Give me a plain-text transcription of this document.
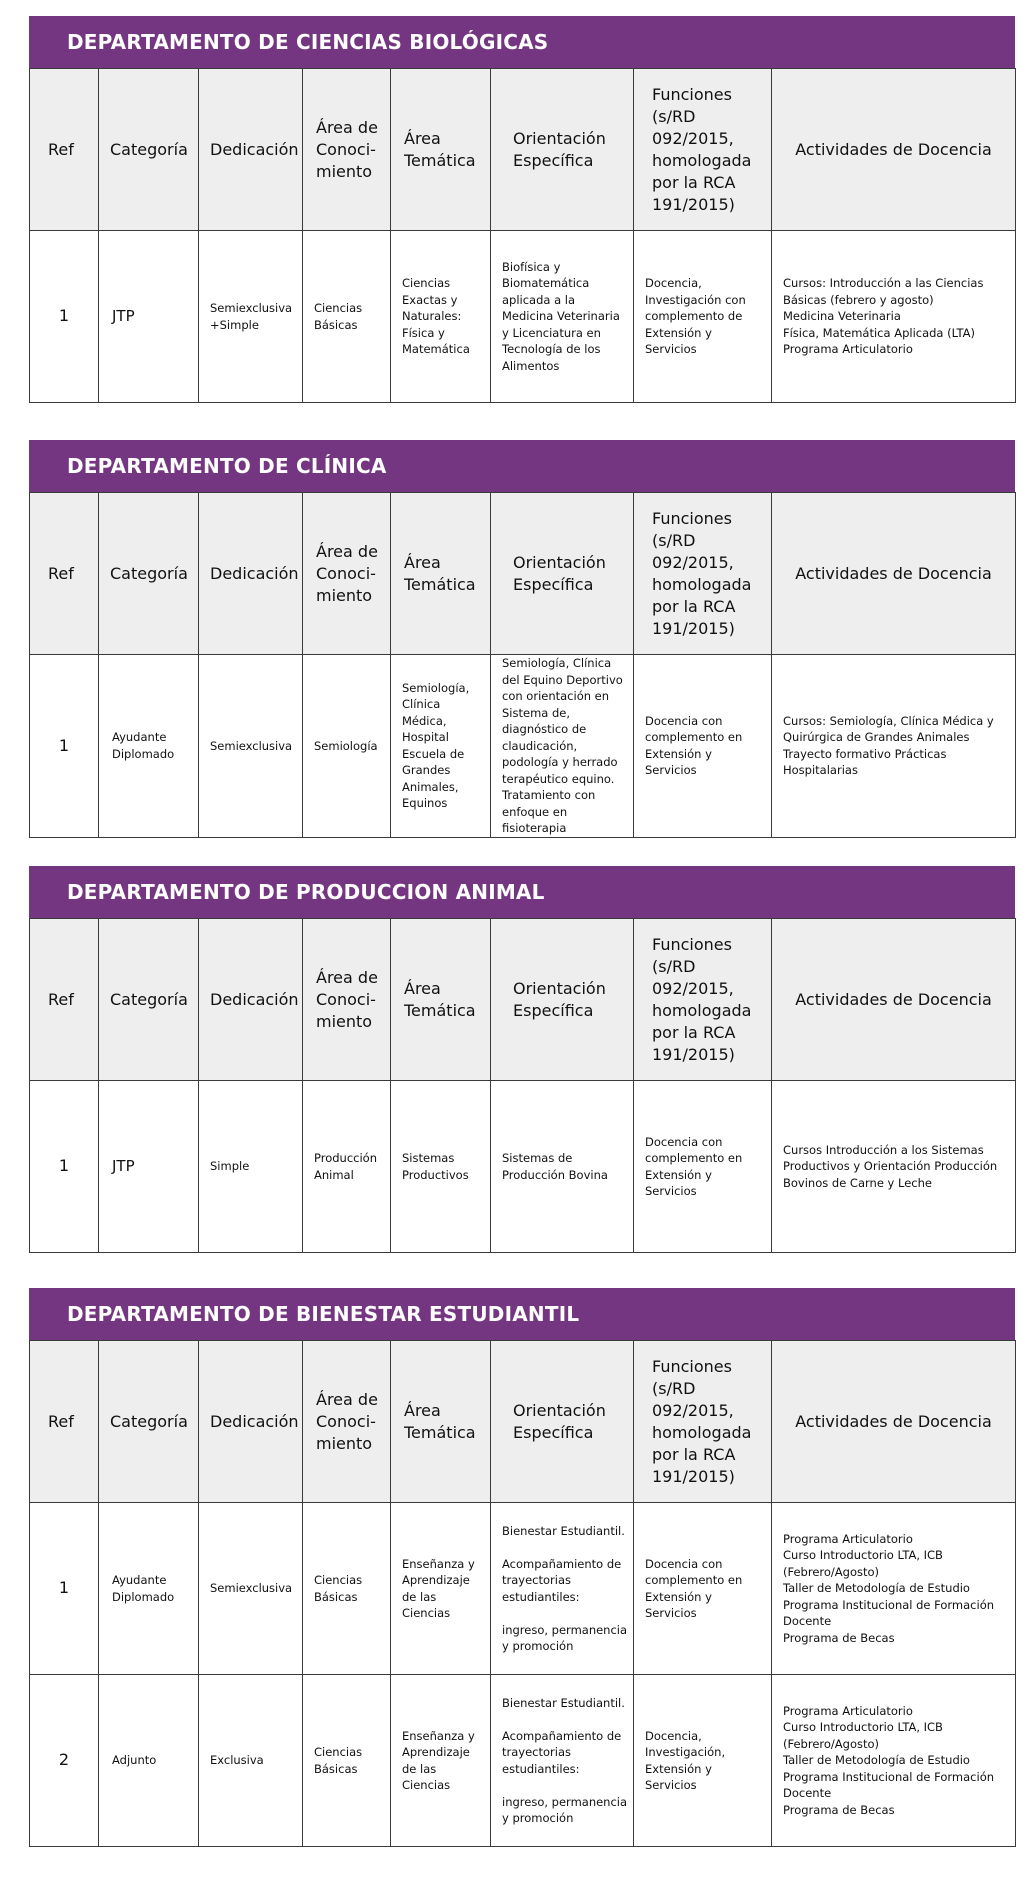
DEPARTAMENTO DE CIENCIAS BIOLÓGICAS
Ref	Categoría	Dedicación	Área de Conoci- miento	Área Temática	Orientación Específica	Funciones (s/RD 092/2015, homologada por la RCA 191/2015)	Actividades de Docencia
1	JTP	Semiexclusiva +Simple	Ciencias Básicas	Ciencias Exactas y Naturales: Física y Matemática	Biofísica y Biomatemática aplicada a la Medicina Veterinaria y Licenciatura en Tecnología de los Alimentos	Docencia, Investigación con complemento de Extensión y Servicios	Cursos: Introducción a las Ciencias Básicas (febrero y agosto)
Medicina Veterinaria
Física, Matemática Aplicada (LTA)
Programa Articulatorio
DEPARTAMENTO DE CLÍNICA
Ref	Categoría	Dedicación	Área de Conoci- miento	Área Temática	Orientación Específica	Funciones (s/RD 092/2015, homologada por la RCA 191/2015)	Actividades de Docencia
1	Ayudante Diplomado	Semiexclusiva	Semiología	Semiología, Clínica Médica, Hospital Escuela de Grandes Animales, Equinos	Semiología, Clínica del Equino Deportivo con orientación en Sistema de, diagnóstico de claudicación, podología y herrado terapéutico equino. Tratamiento con enfoque en fisioterapia	Docencia con complemento en Extensión y Servicios	Cursos: Semiología, Clínica Médica y Quirúrgica de Grandes Animales
Trayecto formativo Prácticas Hospitalarias
DEPARTAMENTO DE PRODUCCION ANIMAL
Ref	Categoría	Dedicación	Área de Conoci- miento	Área Temática	Orientación Específica	Funciones (s/RD 092/2015, homologada por la RCA 191/2015)	Actividades de Docencia
1	JTP	Simple	Producción Animal	Sistemas Productivos	Sistemas de Producción Bovina	Docencia con complemento en Extensión y Servicios	Cursos Introducción a los Sistemas Productivos y Orientación Producción Bovinos de Carne y Leche
DEPARTAMENTO DE BIENESTAR ESTUDIANTIL
Ref	Categoría	Dedicación	Área de Conoci- miento	Área Temática	Orientación Específica	Funciones (s/RD 092/2015, homologada por la RCA 191/2015)	Actividades de Docencia
1	Ayudante Diplomado	Semiexclusiva	Ciencias Básicas	Enseñanza y Aprendizaje de las Ciencias	Bienestar Estudiantil.

Acompañamiento de trayectorias estudiantiles:

ingreso, permanencia y promoción	Docencia con complemento en Extensión y Servicios	Programa Articulatorio
Curso Introductorio LTA, ICB (Febrero/Agosto)
Taller de Metodología de Estudio
Programa Institucional de Formación Docente
Programa de Becas
2	Adjunto	Exclusiva	Ciencias Básicas	Enseñanza y Aprendizaje de las Ciencias	Bienestar Estudiantil.

Acompañamiento de trayectorias estudiantiles:

ingreso, permanencia y promoción	Docencia, Investigación, Extensión y Servicios	Programa Articulatorio
Curso Introductorio LTA, ICB (Febrero/Agosto)
Taller de Metodología de Estudio
Programa Institucional de Formación Docente
Programa de Becas
